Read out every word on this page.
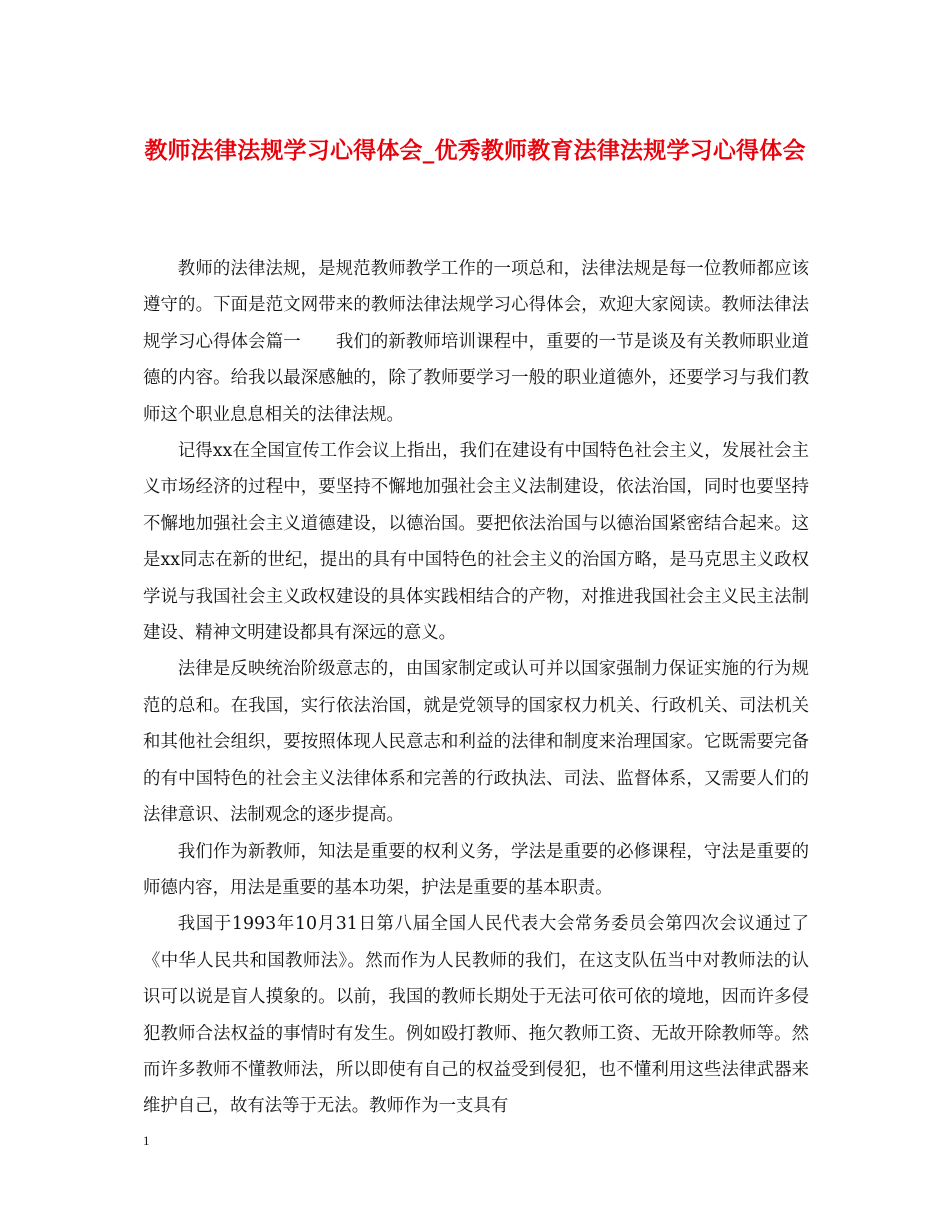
教师法律法规学习心得体会_优秀教师教育法律法规学习心得体会

教师的法律法规，是规范教师教学工作的一项总和，法律法规是每一位教师都应该遵守的。下面是范文网带来的教师法律法规学习心得体会，欢迎大家阅读。教师法律法规学习心得体会篇一　　我们的新教师培训课程中，重要的一节是谈及有关教师职业道德的内容。给我以最深感触的，除了教师要学习一般的职业道德外，还要学习与我们教师这个职业息息相关的法律法规。

记得xx在全国宣传工作会议上指出，我们在建设有中国特色社会主义，发展社会主义市场经济的过程中，要坚持不懈地加强社会主义法制建设，依法治国，同时也要坚持不懈地加强社会主义道德建设，以德治国。要把依法治国与以德治国紧密结合起来。这是xx同志在新的世纪，提出的具有中国特色的社会主义的治国方略，是马克思主义政权学说与我国社会主义政权建设的具体实践相结合的产物，对推进我国社会主义民主法制建设、精神文明建设都具有深远的意义。

法律是反映统治阶级意志的，由国家制定或认可并以国家强制力保证实施的行为规范的总和。在我国，实行依法治国，就是党领导的国家权力机关、行政机关、司法机关和其他社会组织，要按照体现人民意志和利益的法律和制度来治理国家。它既需要完备的有中国特色的社会主义法律体系和完善的行政执法、司法、监督体系，又需要人们的法律意识、法制观念的逐步提高。

我们作为新教师，知法是重要的权利义务，学法是重要的必修课程，守法是重要的师德内容，用法是重要的基本功架，护法是重要的基本职责。

我国于1993年10月31日第八届全国人民代表大会常务委员会第四次会议通过了《中华人民共和国教师法》。然而作为人民教师的我们，在这支队伍当中对教师法的认识可以说是盲人摸象的。以前，我国的教师长期处于无法可依可依的境地，因而许多侵犯教师合法权益的事情时有发生。例如殴打教师、拖欠教师工资、无故开除教师等。然而许多教师不懂教师法，所以即使有自己的权益受到侵犯，也不懂利用这些法律武器来维护自己，故有法等于无法。教师作为一支具有

1
